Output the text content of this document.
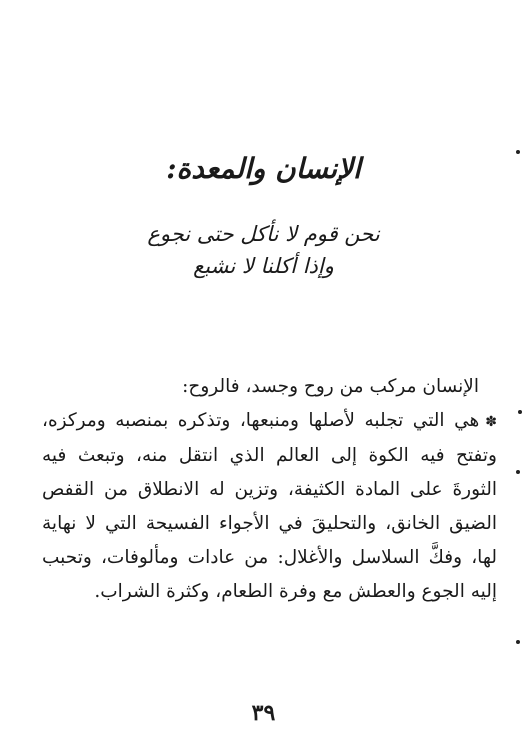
الإنسان والمعدة:
نحن قوم لا نأكل حتى نجوع
وإذا أكلنا لا نشبع

الإنسان مركب من روح وجسد، فالروح:

✽هي التي تجلبه لأصلها ومنبعها، وتذكره بمنصبه ومركزه، وتفتح فيه الكوة إلى العالم الذي انتقل منه، وتبعث فيه الثورةَ على المادة الكثيفة، وتزين له الانطلاق من القفص الضيق الخانق، والتحليقَ في الأجواء الفسيحة التي لا نهاية لها، وفكَّ السلاسل والأغلال: من عادات ومألوفات، وتحبب إليه الجوع والعطش مع وفرة الطعام، وكثرة الشراب.

٣٩
